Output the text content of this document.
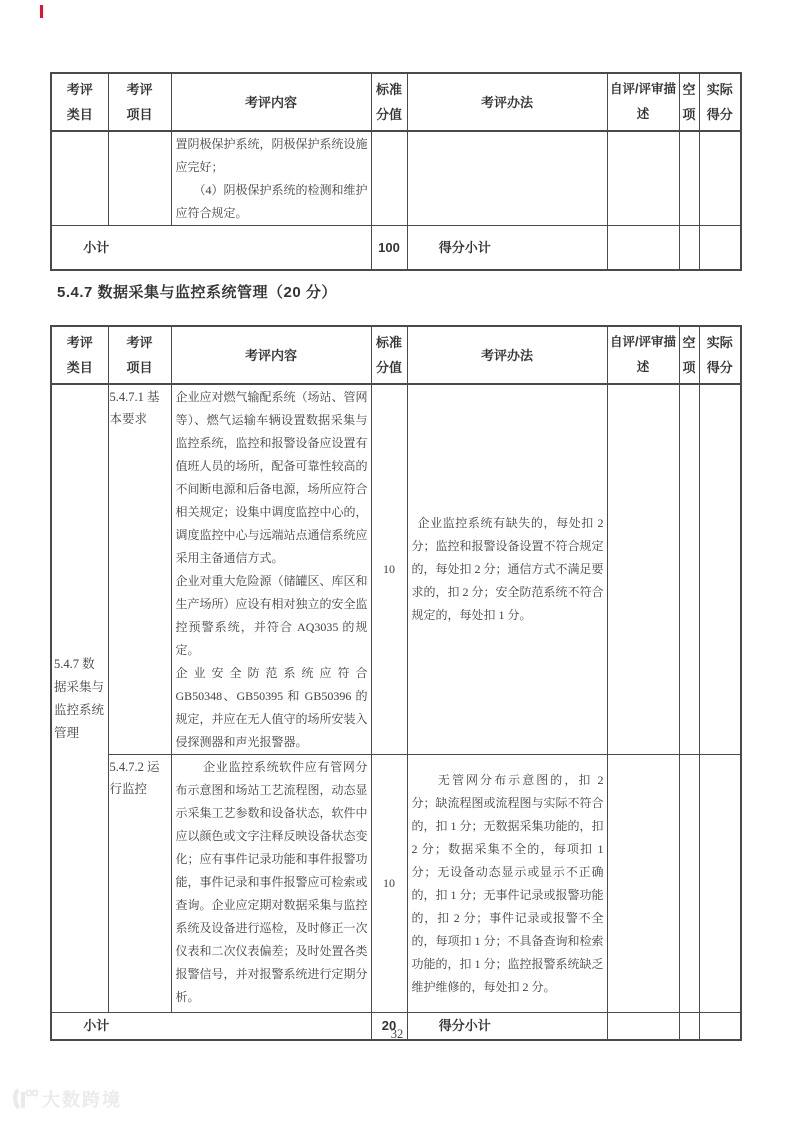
考评类目	考评项目	考评内容	标准分值	考评办法	自评/评审描述	空项	实际得分

		置阴极保护系统，阴极保护系统设施应完好；

（4）阴极保护系统的检测和维护应符合规定。					

小计			100	得分小计			
5.4.7 数据采集与监控系统管理（20 分）
考评类目	考评项目	考评内容	标准分值	考评办法	自评/评审描述	空项	实际得分
5.4.7 数据采集与监控系统管理	5.4.7.1 基本要求	企业应对燃气输配系统（场站、管网等）、燃气运输车辆设置数据采集与监控系统，监控和报警设备应设置有值班人员的场所，配备可靠性较高的不间断电源和后备电源，场所应符合相关规定；设集中调度监控中心的，调度监控中心与远端站点通信系统应采用主备通信方式。

企业对重大危险源（储罐区、库区和生产场所）应设有相对独立的安全监控预警系统，并符合 AQ3035 的规定。

企业安全防范系统应符合 GB50348、GB50395 和 GB50396 的规定，并应在无人值守的场所安装入侵探测器和声光报警器。	10	企业监控系统有缺失的，每处扣 2 分；监控和报警设备设置不符合规定的，每处扣 2 分；通信方式不满足要求的，扣 2 分；安全防范系统不符合规定的，每处扣 1 分。			

	5.4.7.2 运行监控	企业监控系统软件应有管网分布示意图和场站工艺流程图，动态显示采集工艺参数和设备状态，软件中应以颜色或文字注释反映设备状态变化；应有事件记录功能和事件报警功能，事件记录和事件报警应可检索或查询。企业应定期对数据采集与监控系统及设备进行巡检，及时修正一次仪表和二次仪表偏差；及时处置各类报警信号，并对报警系统进行定期分析。	10	无管网分布示意图的，扣 2 分；缺流程图或流程图与实际不符合的，扣 1 分；无数据采集功能的，扣 2 分；数据采集不全的，每项扣 1 分；无设备动态显示或显示不正确的，扣 1 分；无事件记录或报警功能的，扣 2 分；事件记录或报警不全的，每项扣 1 分；不具备查询和检索功能的，扣 1 分；监控报警系统缺乏维护维修的，每处扣 2 分。			

小计			20	得分小计			
32
大数跨境
